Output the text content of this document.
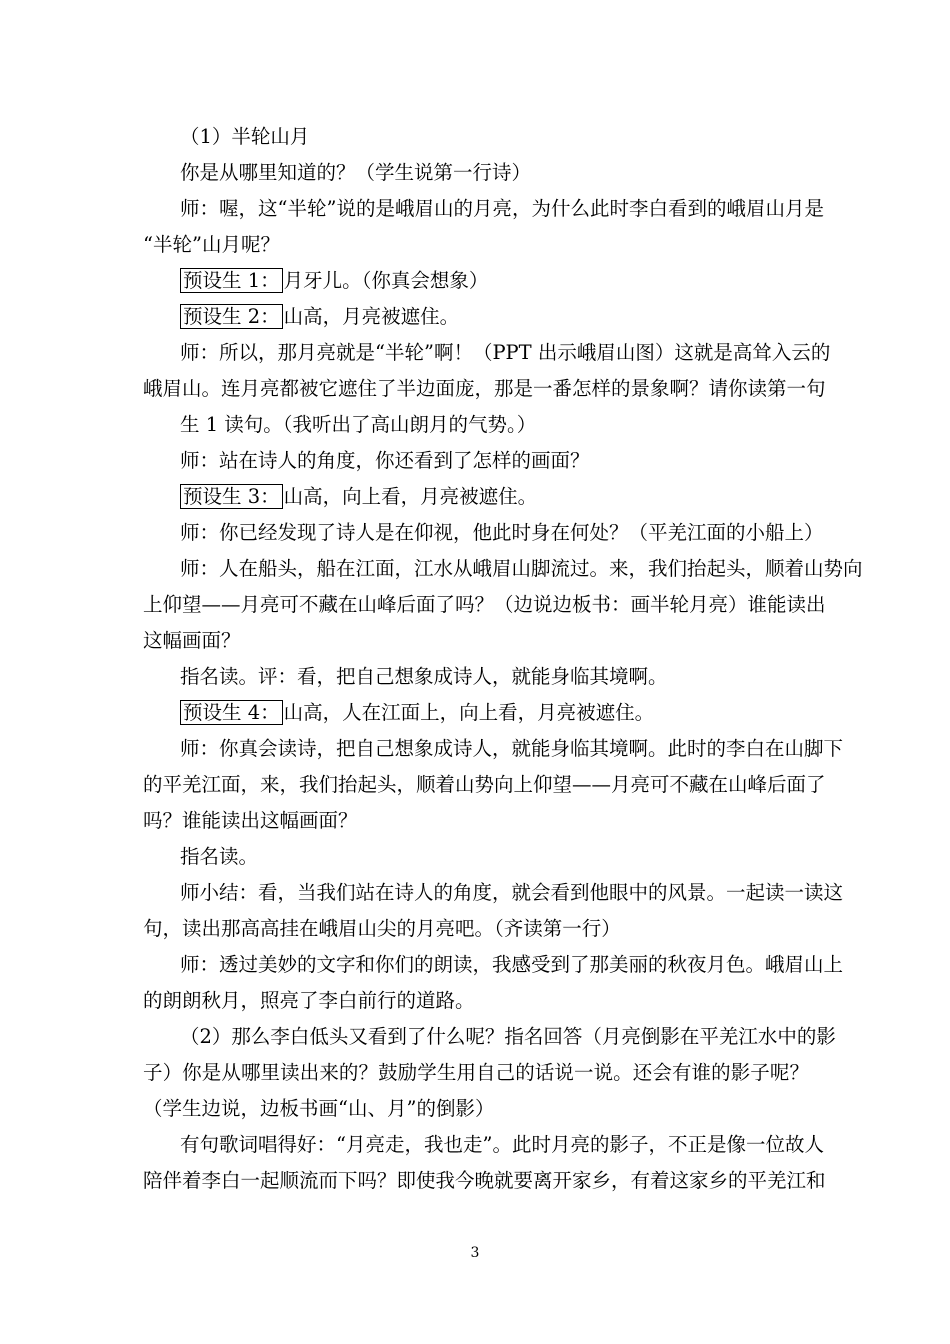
（1）半轮山月
你是从哪里知道的？（学生说第一行诗）
师：喔，这“半轮”说的是峨眉山的月亮，为什么此时李白看到的峨眉山月是
“半轮”山月呢？
预设生 1： 月牙儿。（你真会想象）
预设生 2： 山高，月亮被遮住。
师：所以，那月亮就是“半轮”啊！（PPT 出示峨眉山图）这就是高耸入云的
峨眉山。连月亮都被它遮住了半边面庞，那是一番怎样的景象啊？请你读第一句
生 1 读句。（我听出了高山朗月的气势。）
师：站在诗人的角度，你还看到了怎样的画面？
预设生 3： 山高，向上看，月亮被遮住。
师：你已经发现了诗人是在仰视，他此时身在何处？（平羌江面的小船上）
师：人在船头，船在江面，江水从峨眉山脚流过。来，我们抬起头，顺着山势向
上仰望——月亮可不藏在山峰后面了吗？（边说边板书：画半轮月亮）谁能读出
这幅画面？
指名读。评：看，把自己想象成诗人，就能身临其境啊。
预设生 4： 山高，人在江面上，向上看，月亮被遮住。
师：你真会读诗，把自己想象成诗人，就能身临其境啊。此时的李白在山脚下
的平羌江面，来，我们抬起头，顺着山势向上仰望——月亮可不藏在山峰后面了
吗？谁能读出这幅画面？
指名读。
师小结：看，当我们站在诗人的角度，就会看到他眼中的风景。一起读一读这
句，读出那高高挂在峨眉山尖的月亮吧。（齐读第一行）
师：透过美妙的文字和你们的朗读，我感受到了那美丽的秋夜月色。峨眉山上
的朗朗秋月，照亮了李白前行的道路。
（2）那么李白低头又看到了什么呢？指名回答（月亮倒影在平羌江水中的影
子）你是从哪里读出来的？鼓励学生用自己的话说一说。还会有谁的影子呢？
（学生边说，边板书画“山、月”的倒影）
有句歌词唱得好：“月亮走，我也走”。此时月亮的影子，不正是像一位故人
陪伴着李白一起顺流而下吗？即使我今晚就要离开家乡，有着这家乡的平羌江和
3
